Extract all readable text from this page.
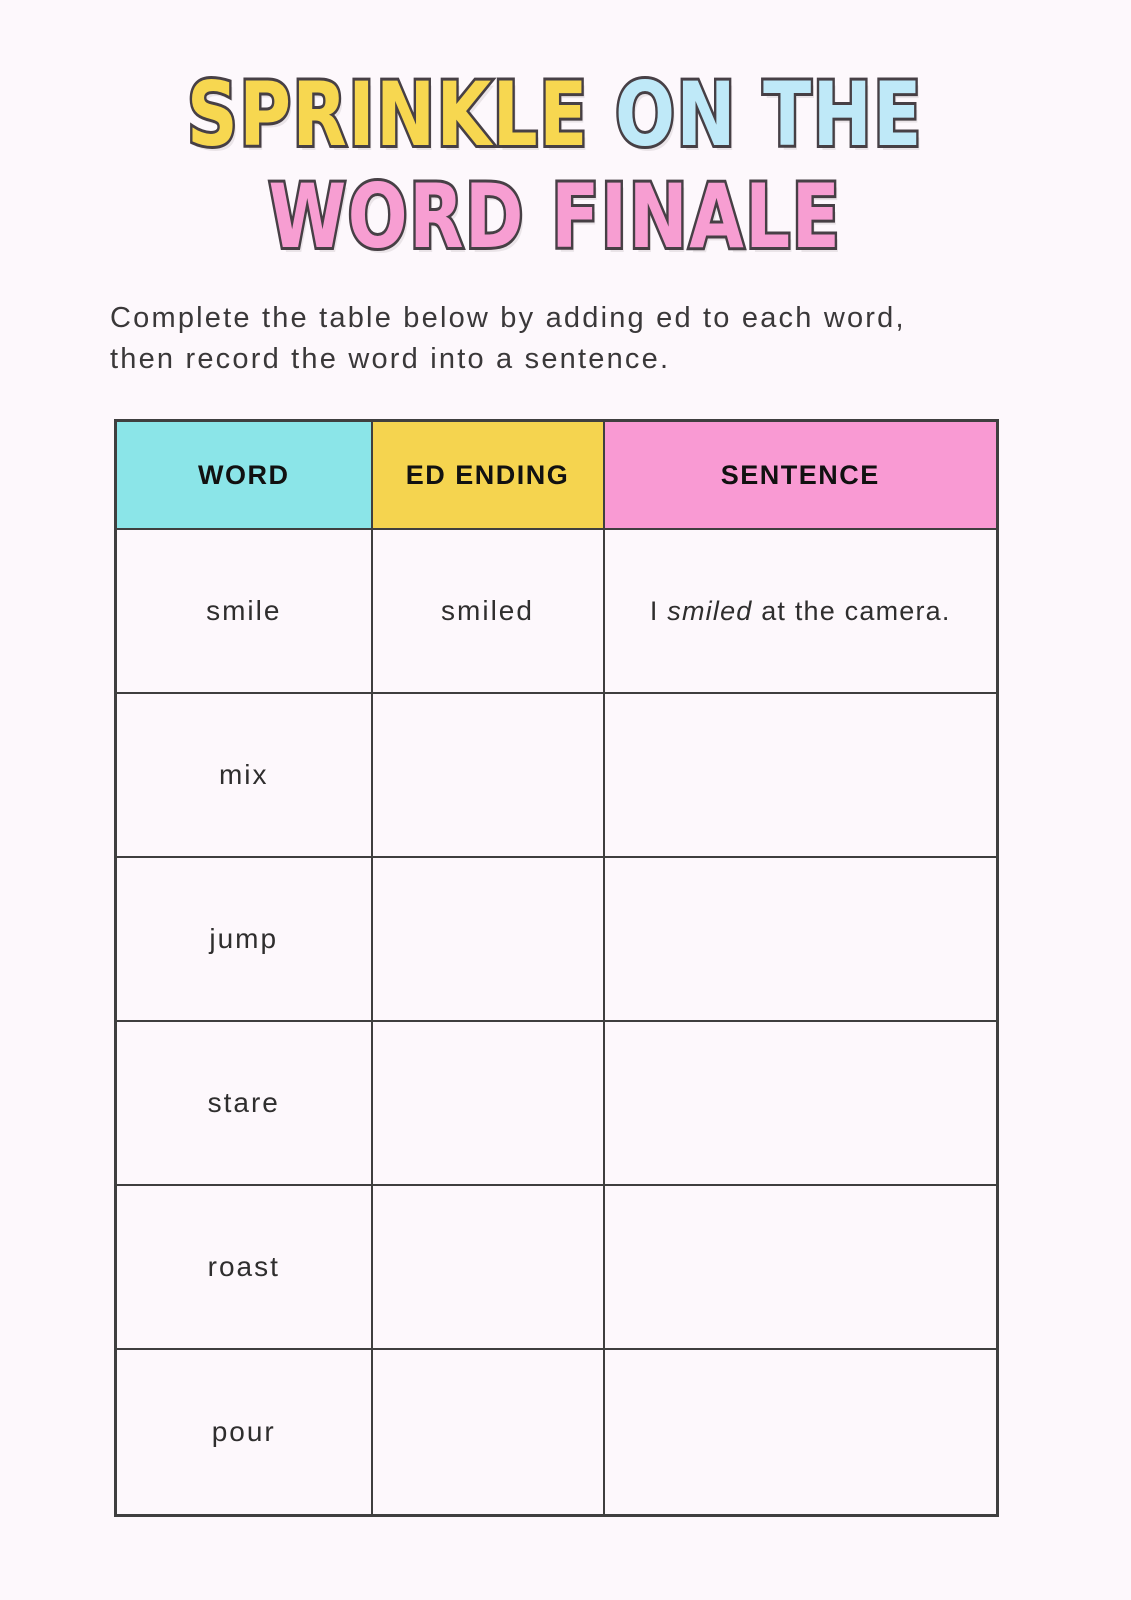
SPRINKLE ON THE
WORD FINALE
Complete the table below by adding ed to each word,
then record the word into a sentence.
WORD	ED ENDING	SENTENCE
smile	smiled	I smiled at the camera.
mix		
jump		
stare		
roast		
pour		
